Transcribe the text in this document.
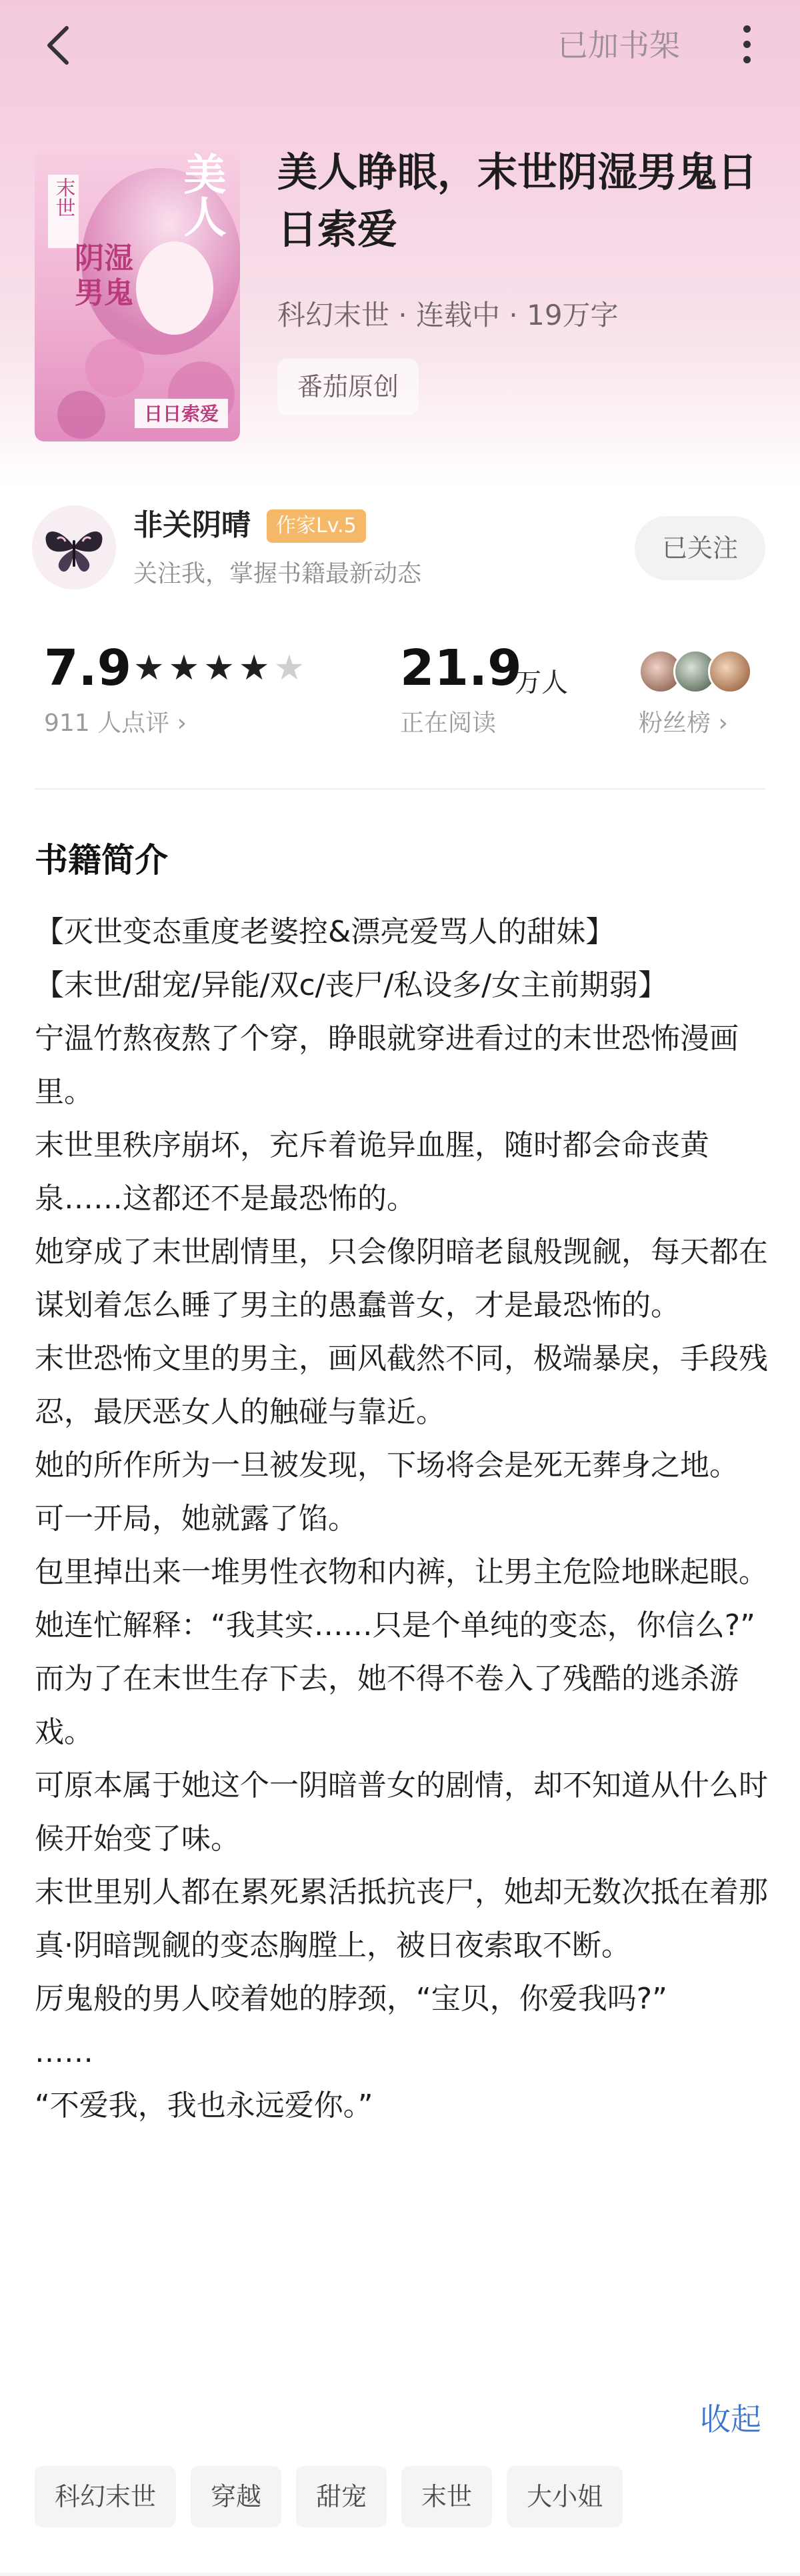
已加书架
末世 美人
阴湿
男鬼
日日索爱
美人睁眼，末世阴湿男鬼日日索爱
科幻末世 · 连载中 · 19万字
番茄原创
非关阴晴	作家Lv.5
关注我，掌握书籍最新动态
已关注
7.9 ★ ★ ★ ★ ★
911 人点评 ›
21.9
万人
正在阅读	粉丝榜 ›
书籍简介

【灭世变态重度老婆控&漂亮爱骂人的甜妹】

【末世/甜宠/异能/双c/丧尸/私设多/女主前期弱】

宁温竹熬夜熬了个穿，睁眼就穿进看过的末世恐怖漫画里。

末世里秩序崩坏，充斥着诡异血腥，随时都会命丧黄泉……这都还不是最恐怖的。

她穿成了末世剧情里，只会像阴暗老鼠般觊觎，每天都在谋划着怎么睡了男主的愚蠢普女，才是最恐怖的。

末世恐怖文里的男主，画风截然不同，极端暴戾，手段残忍，最厌恶女人的触碰与靠近。

她的所作所为一旦被发现，下场将会是死无葬身之地。

可一开局，她就露了馅。

包里掉出来一堆男性衣物和内裤，让男主危险地眯起眼。

她连忙解释：“我其实……只是个单纯的变态，你信么?”

而为了在末世生存下去，她不得不卷入了残酷的逃杀游戏。

可原本属于她这个一阴暗普女的剧情，却不知道从什么时候开始变了味。

末世里别人都在累死累活抵抗丧尸，她却无数次抵在着那真·阴暗觊觎的变态胸膛上，被日夜索取不断。

厉鬼般的男人咬着她的脖颈，“宝贝，你爱我吗?”

……

“不爱我，我也永远爱你。”

收起
科幻末世	穿越	甜宠	末世	大小姐
